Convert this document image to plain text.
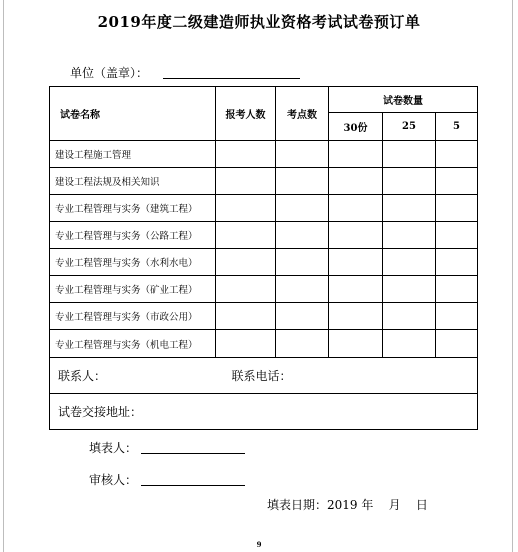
2019年度二级建造师执业资格考试试卷预订单
单位（盖章）：
试卷名称	报考人数	考点数	试卷数量		
			30份	25	5
建设工程施工管理					
建设工程法规及相关知识					
专业工程管理与实务（建筑工程）					
专业工程管理与实务（公路工程）					
专业工程管理与实务（水利水电）					
专业工程管理与实务（矿业工程）					
专业工程管理与实务（市政公用）					
专业工程管理与实务（机电工程）					
联系人： 联系电话：					

试卷交接地址：					
填表人：
审核人：
填表日期：2019 年    月    日
9
